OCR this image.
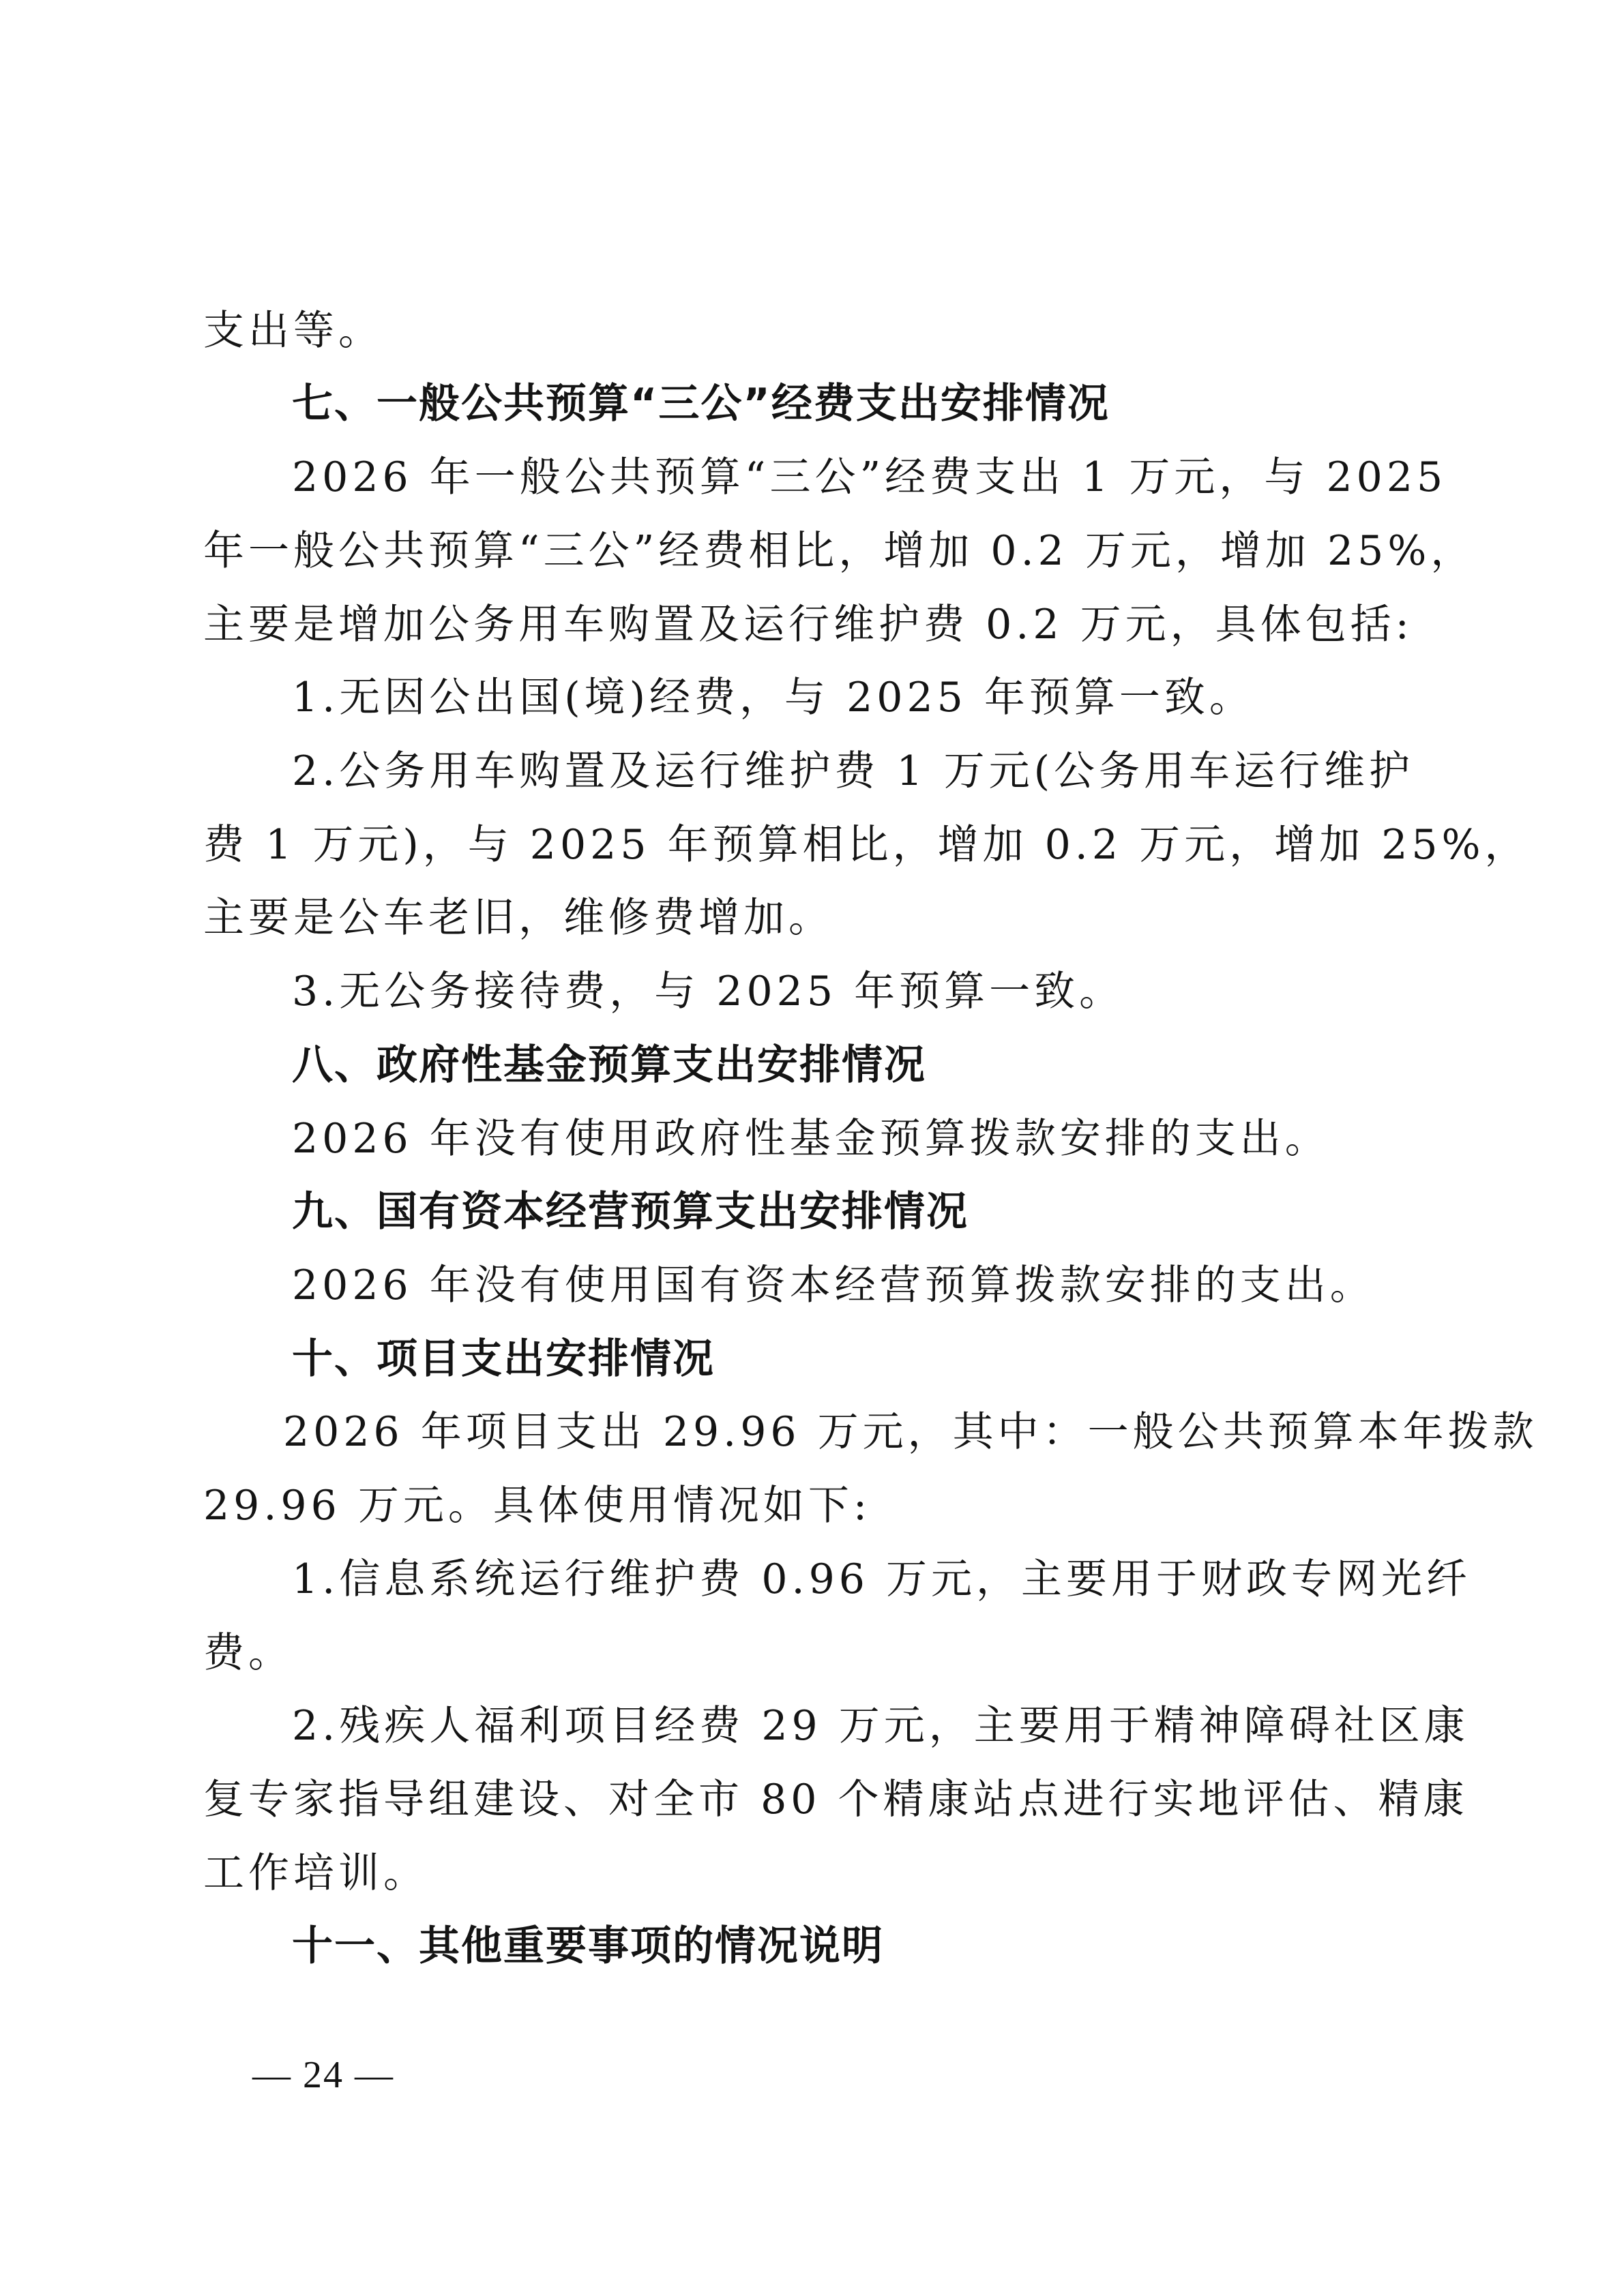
支出等。
七、一般公共预算“三公”经费支出安排情况
2026 年一般公共预算“三公”经费支出 1 万元，与 2025
年一般公共预算“三公”经费相比，增加 0.2 万元，增加 25%，
主要是增加公务用车购置及运行维护费 0.2 万元，具体包括:
1.无因公出国(境)经费，与 2025 年预算一致。
2.公务用车购置及运行维护费 1 万元(公务用车运行维护
费 1 万元)，与 2025 年预算相比，增加 0.2 万元，增加 25%，
主要是公车老旧，维修费增加。
3.无公务接待费，与 2025 年预算一致。
八、政府性基金预算支出安排情况
2026 年没有使用政府性基金预算拨款安排的支出。
九、国有资本经营预算支出安排情况
2026 年没有使用国有资本经营预算拨款安排的支出。
十、项目支出安排情况
2026 年项目支出 29.96 万元，其中：一般公共预算本年拨款
29.96 万元。具体使用情况如下:
1.信息系统运行维护费 0.96 万元，主要用于财政专网光纤
费。
2.残疾人福利项目经费 29 万元，主要用于精神障碍社区康
复专家指导组建设、对全市 80 个精康站点进行实地评估、精康
工作培训。
十一、其他重要事项的情况说明
— 24 —
